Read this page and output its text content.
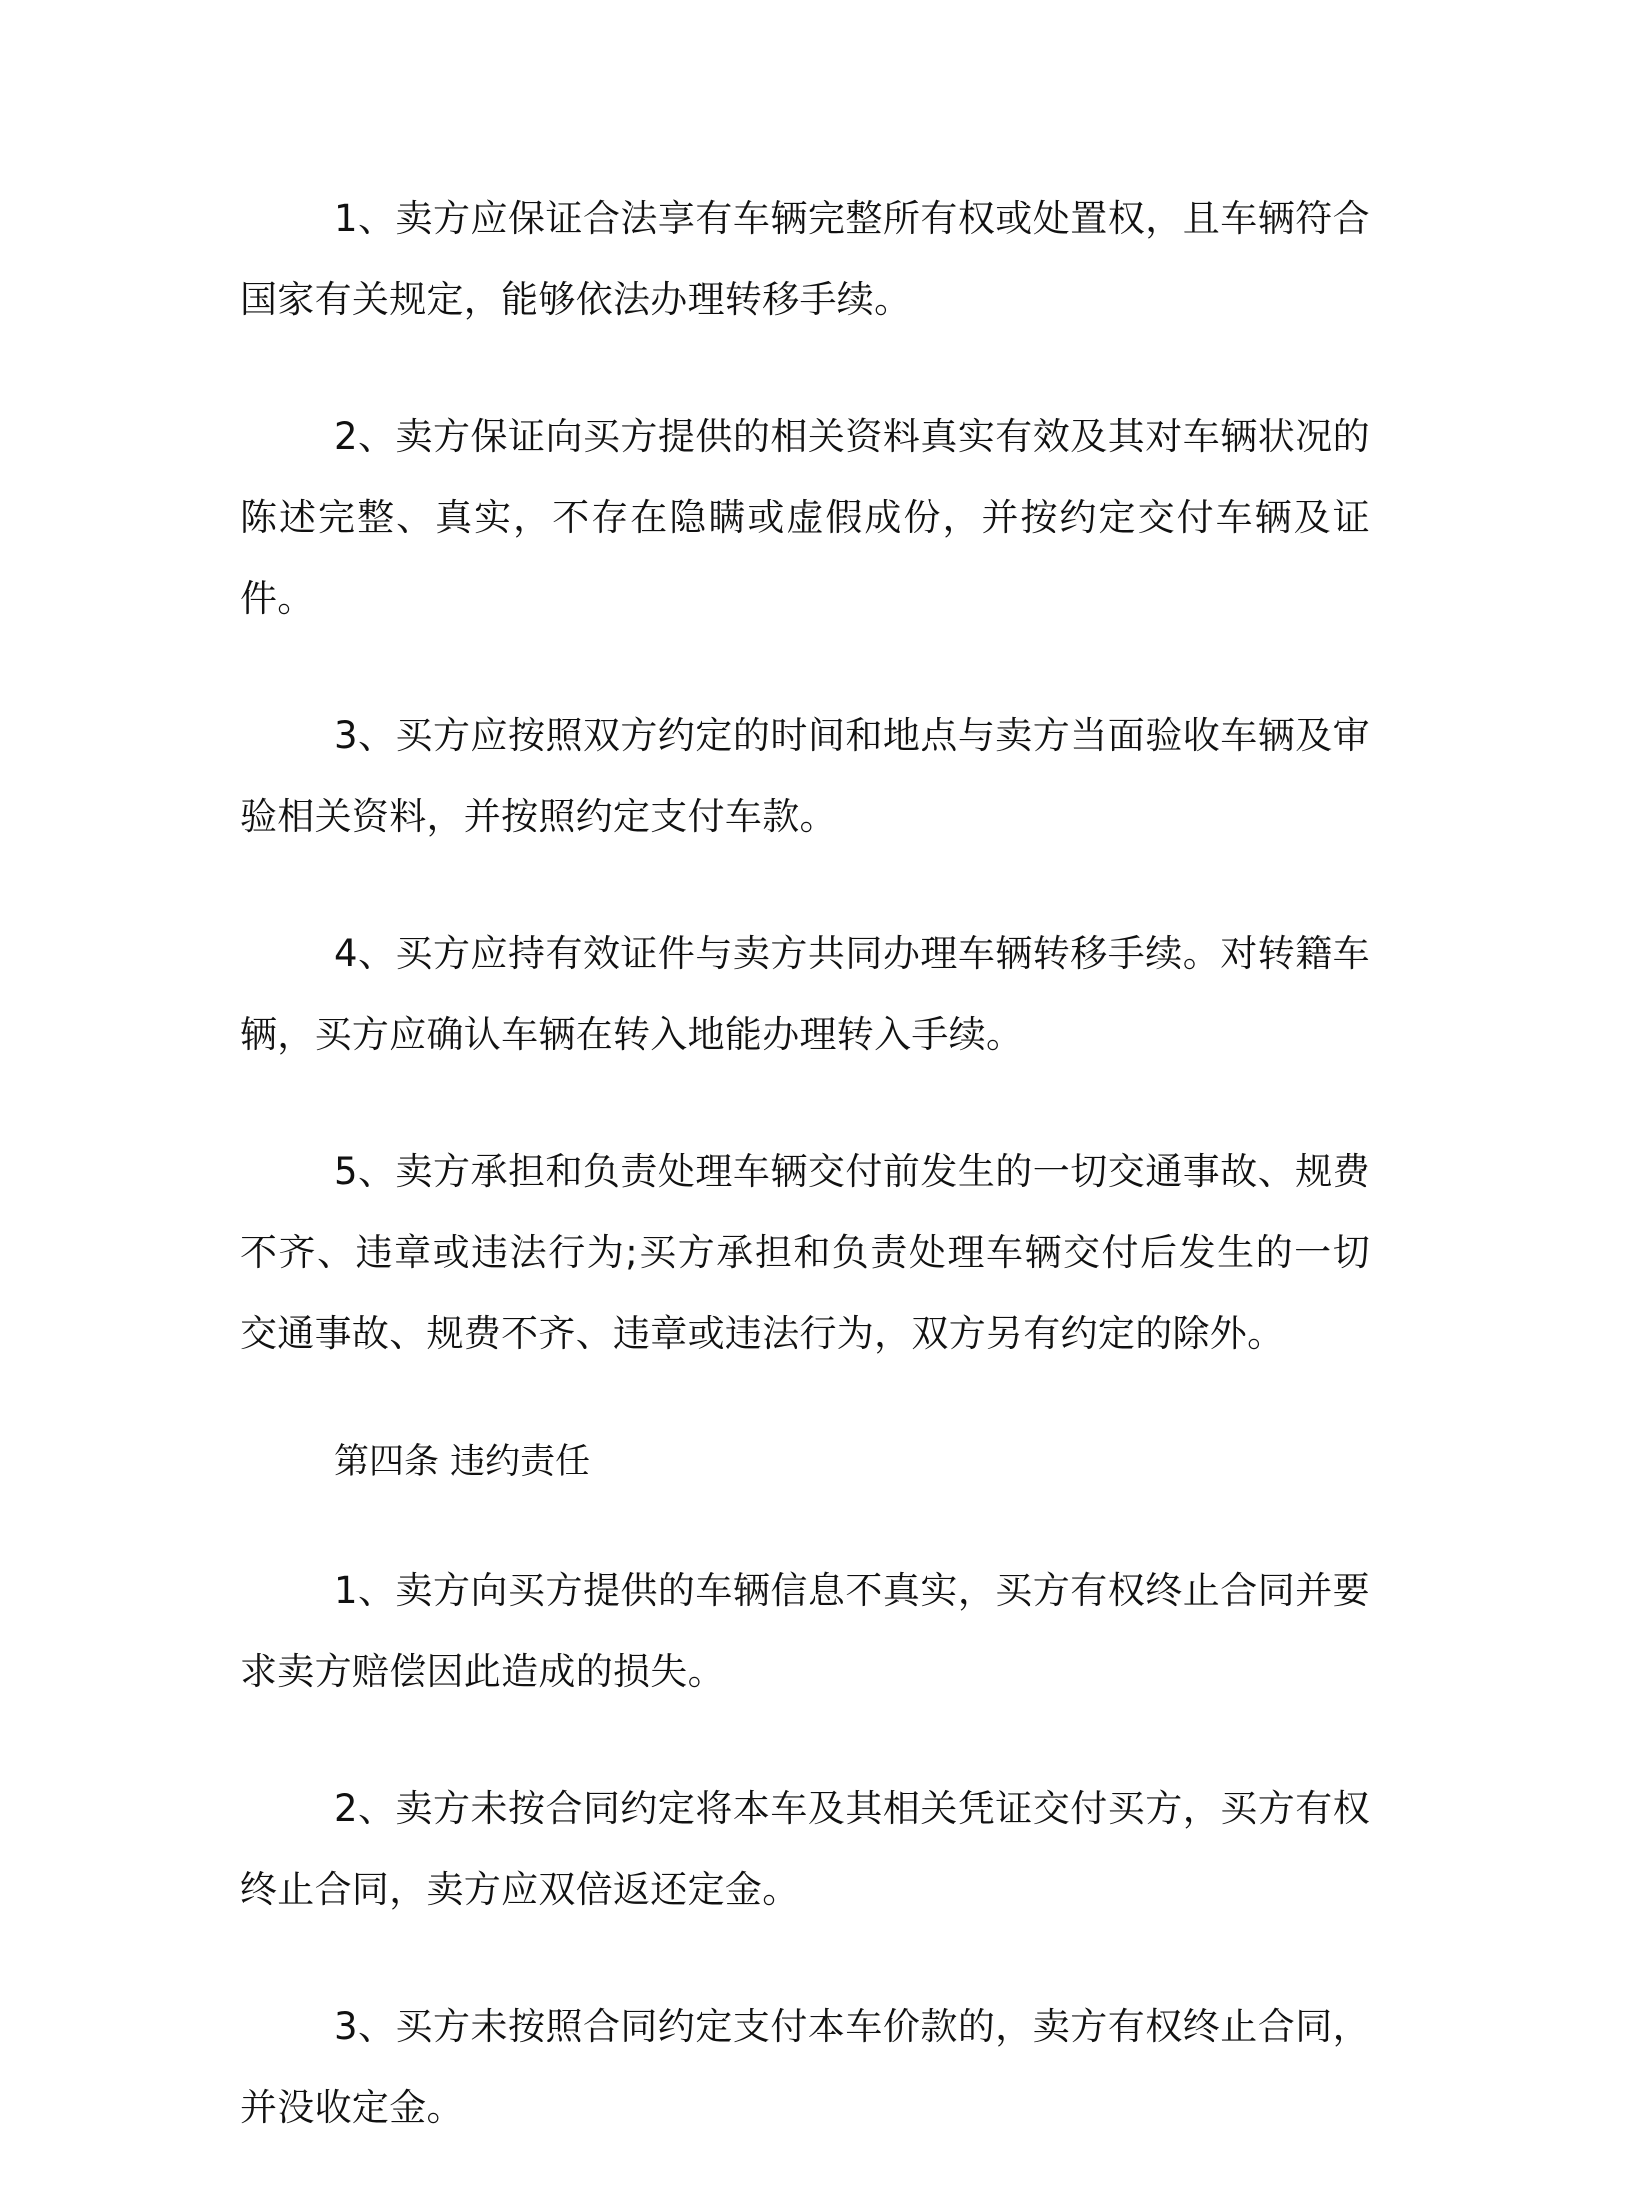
1、卖方应保证合法享有车辆完整所有权或处置权，且车辆符合国家有关规定，能够依法办理转移手续。

2、卖方保证向买方提供的相关资料真实有效及其对车辆状况的陈述完整、真实，不存在隐瞒或虚假成份，并按约定交付车辆及证件。

3、买方应按照双方约定的时间和地点与卖方当面验收车辆及审验相关资料，并按照约定支付车款。

4、买方应持有效证件与卖方共同办理车辆转移手续。对转籍车辆，买方应确认车辆在转入地能办理转入手续。

5、卖方承担和负责处理车辆交付前发生的一切交通事故、规费不齐、违章或违法行为;买方承担和负责处理车辆交付后发生的一切交通事故、规费不齐、违章或违法行为，双方另有约定的除外。

第四条 违约责任

1、卖方向买方提供的车辆信息不真实，买方有权终止合同并要求卖方赔偿因此造成的损失。

2、卖方未按合同约定将本车及其相关凭证交付买方，买方有权终止合同，卖方应双倍返还定金。

3、买方未按照合同约定支付本车价款的，卖方有权终止合同，并没收定金。
